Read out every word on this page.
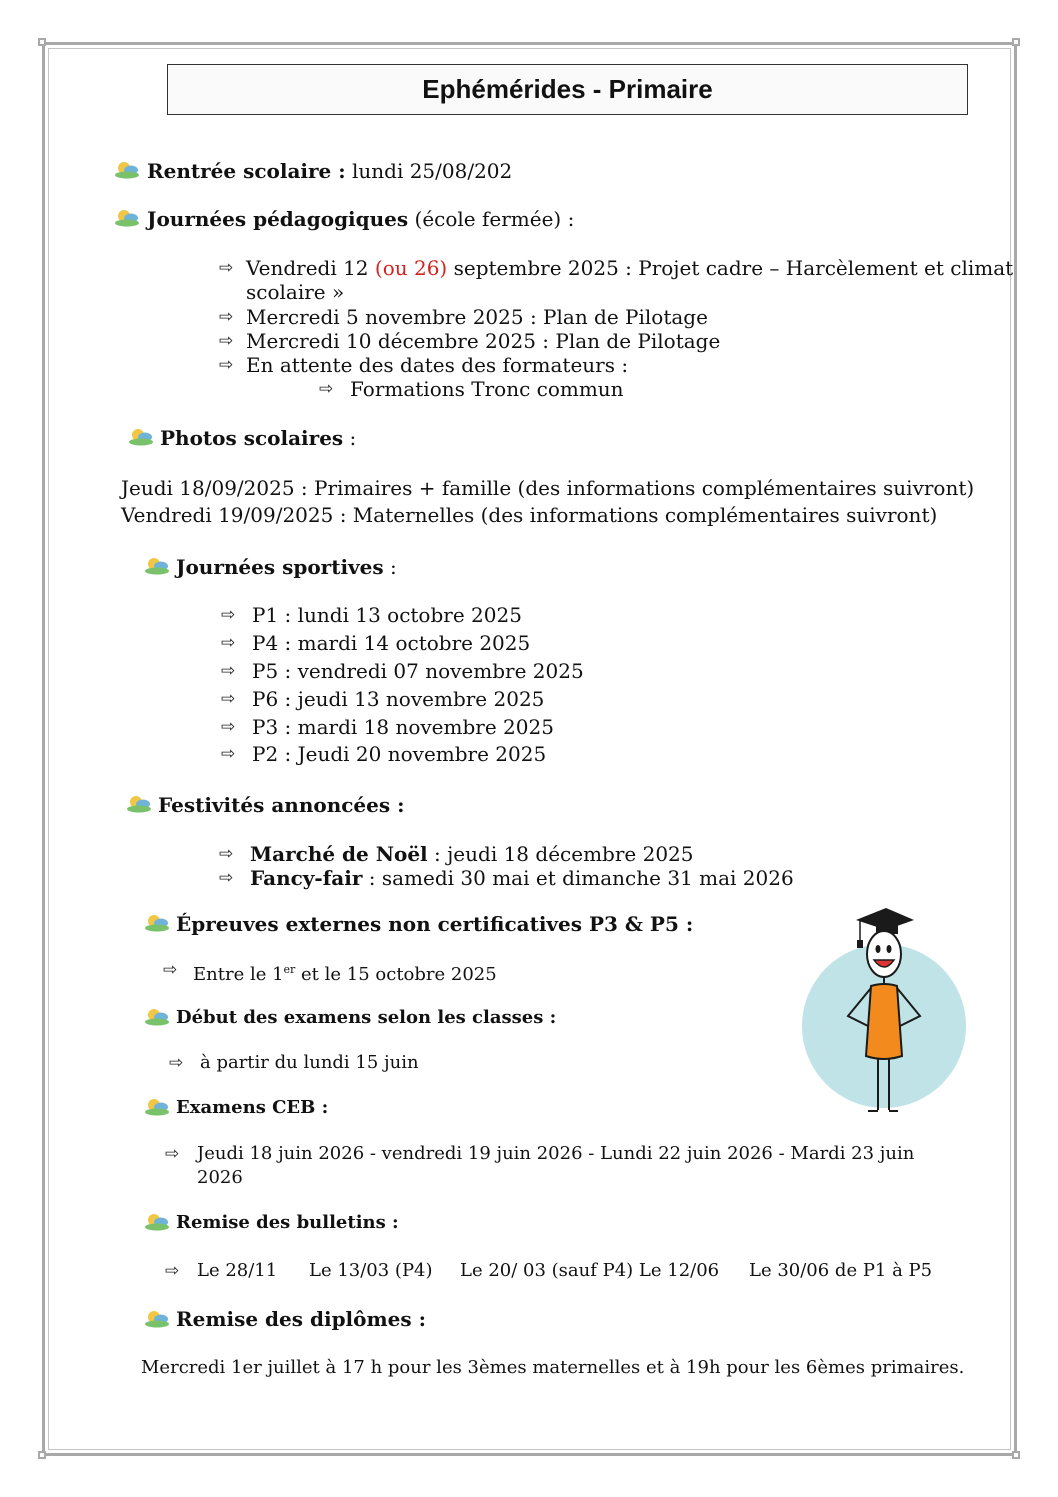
Ephémérides - Primaire
Rentrée scolaire : lundi 25/08/202
Journées pédagogiques (école fermée) :
⇨ Vendredi 12 (ou 26) septembre 2025 : Projet cadre – Harcèlement et climat
scolaire »
⇨ Mercredi 5 novembre 2025 : Plan de Pilotage
⇨ Mercredi 10 décembre 2025 : Plan de Pilotage
⇨ En attente des dates des formateurs :
⇨ Formations Tronc commun
Photos scolaires :
Jeudi 18/09/2025 : Primaires + famille (des informations complémentaires suivront)
Vendredi 19/09/2025 : Maternelles (des informations complémentaires suivront)
Journées sportives :
⇨ P1 : lundi 13 octobre 2025
⇨ P4 : mardi 14 octobre 2025
⇨ P5 : vendredi 07 novembre 2025
⇨ P6 : jeudi 13 novembre 2025
⇨ P3 : mardi 18 novembre 2025
⇨ P2 : Jeudi 20 novembre 2025
Festivités annoncées :
⇨ Marché de Noël : jeudi 18 décembre 2025
⇨ Fancy-fair : samedi 30 mai et dimanche 31 mai 2026
Épreuves externes non certificatives P3 & P5 :
⇨ Entre le 1er et le 15 octobre 2025
Début des examens selon les classes :
⇨ à partir du lundi 15 juin
Examens CEB :
⇨ Jeudi 18 juin 2026 - vendredi 19 juin 2026 - Lundi 22 juin 2026 - Mardi 23 juin
2026
Remise des bulletins :
⇨ Le 28/11 Le 13/03 (P4) Le 20/ 03 (sauf P4) Le 12/06 Le 30/06 de P1 à P5
Remise des diplômes :
Mercredi 1er juillet à 17 h pour les 3èmes maternelles et à 19h pour les 6èmes primaires.
